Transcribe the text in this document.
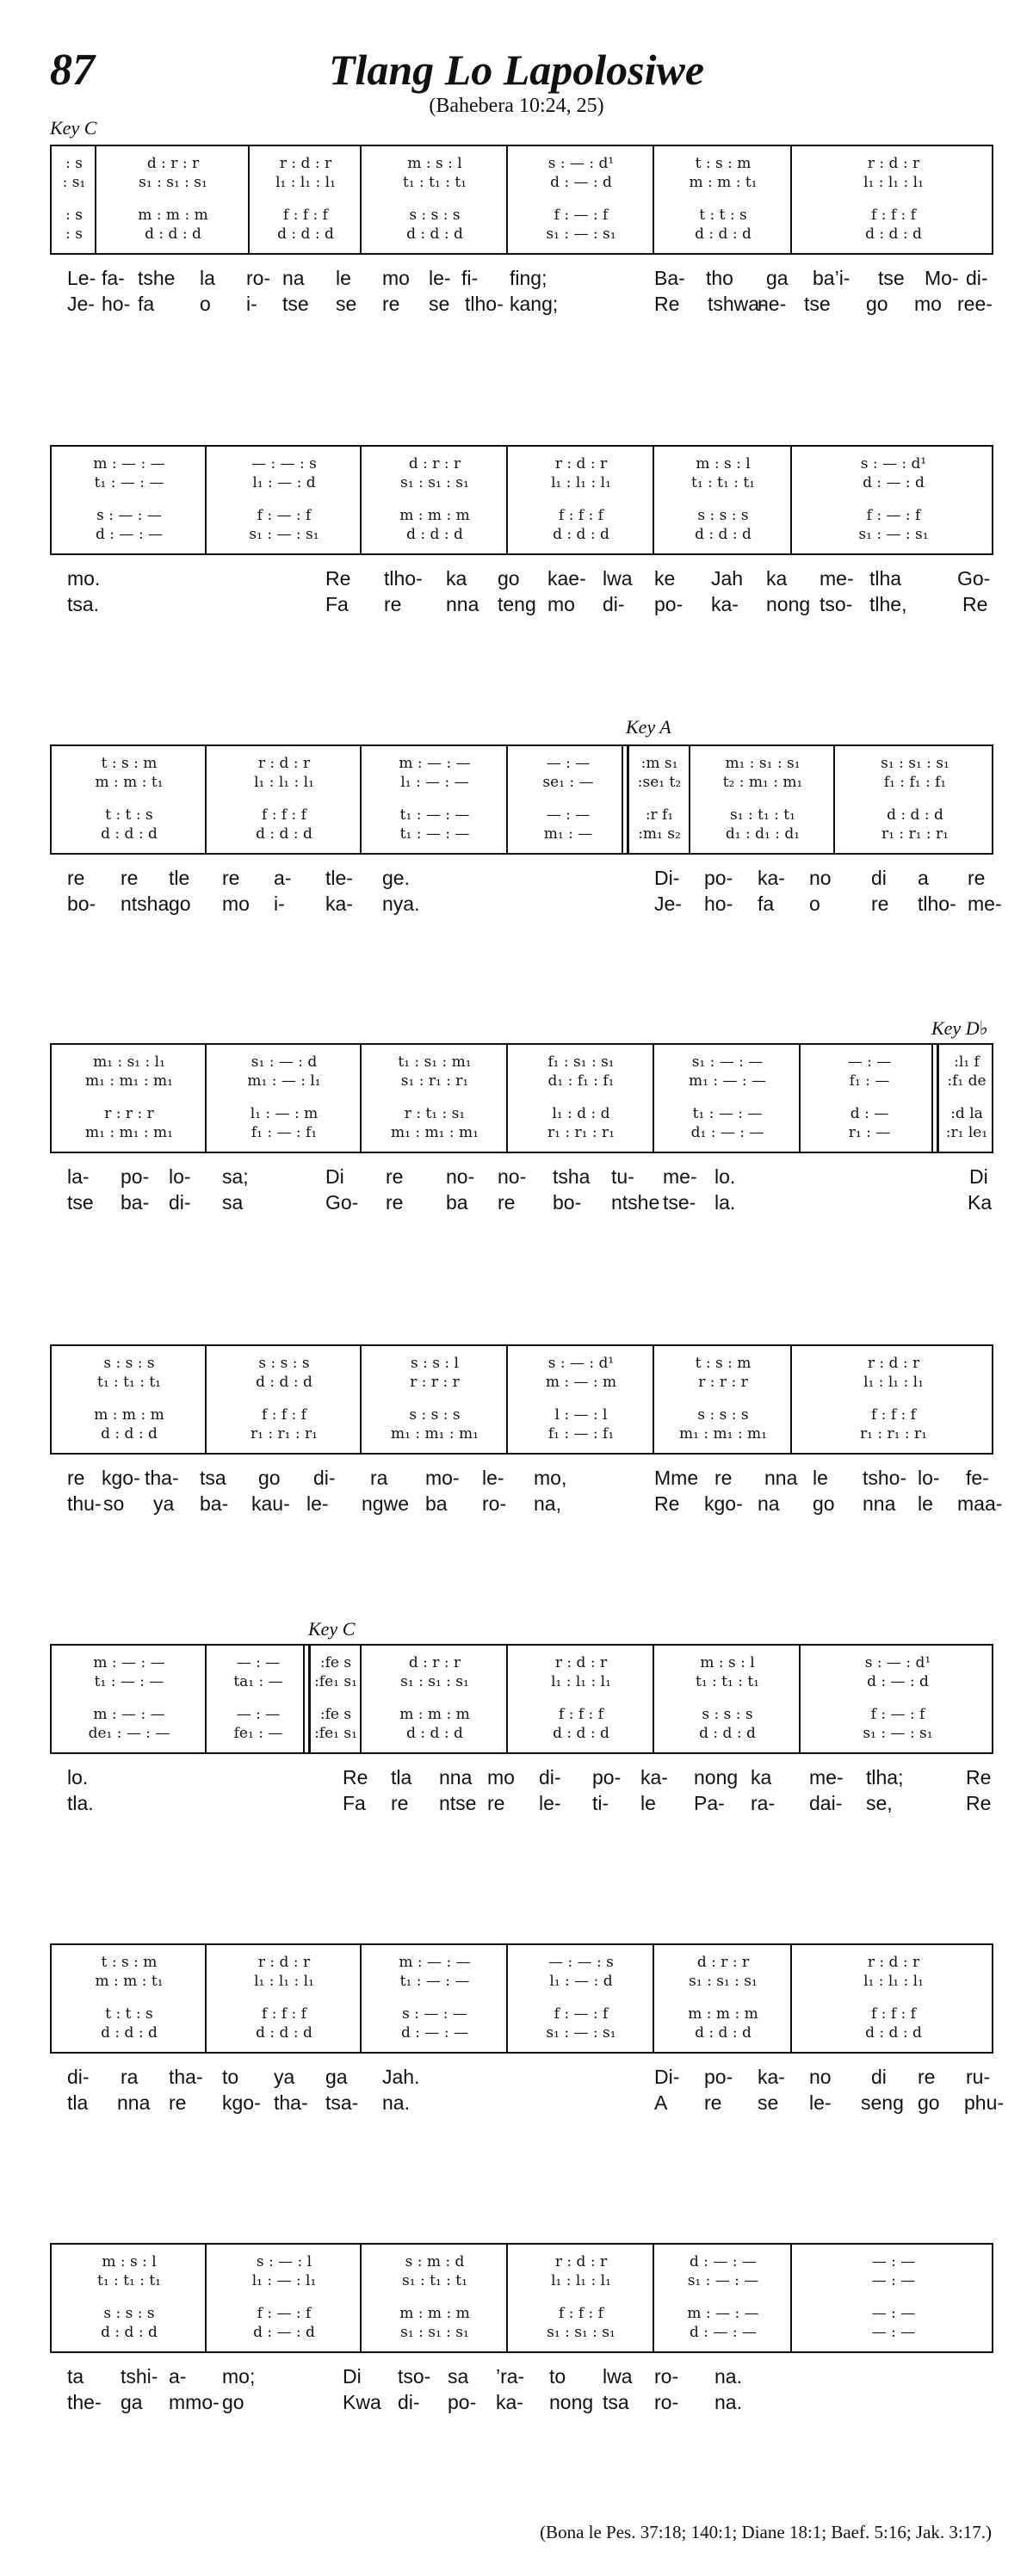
87	Tlang Lo Lapolosiwe
(Bahebera 10:24, 25)
Key C
Key A
Key D♭
Key C
: s	d : r : r	r : d : r	m : s : l	s : — : d¹	t : s : m	r : d : r
: s₁	s₁ : s₁ : s₁	l₁ : l₁ : l₁	t₁ : t₁ : t₁	d : — : d	m : m : t₁	l₁ : l₁ : l₁
: s	m : m : m	f : f : f	s : s : s	f : — : f	t : t : s	f : f : f
: s	d : d : d	d : d : d	d : d : d	s₁ : — : s₁	d : d : d	d : d : d
Le- fa- tshe la ro- na le mo le- fi- fing;	Ba- tho ga ba’i- tse Mo- di-
Je- ho- fa o i- tse se re se tlho- kang;	Re tshwa-
ne- tse go mo ree-
m : — : —	— : — : s	d : r : r	r : d : r	m : s : l	s : — : d¹
t₁ : — : —	l₁ : — : d	s₁ : s₁ : s₁	l₁ : l₁ : l₁	t₁ : t₁ : t₁	d : — : d
s : — : —	f : — : f	m : m : m	f : f : f	s : s : s	f : — : f
d : — : —	s₁ : — : s₁	d : d : d	d : d : d	d : d : d	s₁ : — : s₁
mo.	Re tlho- ka go kae- lwa ke Jah ka me- tlha	Go-
tsa.	Fa re nna teng mo di- po- ka- nong tso- tlhe,	Re
t : s : m	r : d : r	m : — : —	— : —	:m s₁	m₁ : s₁ : s₁	s₁ : s₁ : s₁
m : m : t₁	l₁ : l₁ : l₁	l₁ : — : —	se₁ : —	:se₁ t₂	t₂ : m₁ : m₁	f₁ : f₁ : f₁
t : t : s	f : f : f	t₁ : — : —	— : —	:r f₁	s₁ : t₁ : t₁	d : d : d
d : d : d	d : d : d	t₁ : — : —	m₁ : —	:m₁ s₂	d₁ : d₁ : d₁	r₁ : r₁ : r₁
re re tle re a- tle- ge.	Di- po- ka- no di a re
bo- ntsha go mo i- ka- nya.	Je- ho- fa o	re tlho- me-
m₁ : s₁ : l₁	s₁ : — : d	t₁ : s₁ : m₁	f₁ : s₁ : s₁	s₁ : — : —	— : —	:l₁ f
m₁ : m₁ : m₁	m₁ : — : l₁	s₁ : r₁ : r₁	d₁ : f₁ : f₁	m₁ : — : —	f₁ : —	:f₁ de
r : r : r	l₁ : — : m	r : t₁ : s₁	l₁ : d : d	t₁ : — : —	d : —	:d la
m₁ : m₁ : m₁	f₁ : — : f₁	m₁ : m₁ : m₁	r₁ : r₁ : r₁	d₁ : — : —	r₁ : —	:r₁ le₁
la- po- lo- sa;	Di re no- no- tsha tu- me- lo.	Di
tse ba- di- sa	Go- re ba re bo- ntshe tse- la.	Ka
s : s : s	s : s : s	s : s : l	s : — : d¹	t : s : m	r : d : r
t₁ : t₁ : t₁	d : d : d	r : r : r	m : — : m	r : r : r	l₁ : l₁ : l₁
m : m : m	f : f : f	s : s : s	l : — : l	s : s : s	f : f : f
d : d : d	r₁ : r₁ : r₁	m₁ : m₁ : m₁	f₁ : — : f₁	m₁ : m₁ : m₁	r₁ : r₁ : r₁
re kgo- tha- tsa go di- ra mo- le- mo,	Mme re nna le tsho- lo- fe-
thu- so ya ba- kau- le- ngwe ba ro- na,	Re kgo- na go nna le maa-
m : — : —	— : —	:fe s	d : r : r	r : d : r	m : s : l	s : — : d¹
t₁ : — : —	ta₁ : —	:fe₁ s₁	s₁ : s₁ : s₁	l₁ : l₁ : l₁	t₁ : t₁ : t₁	d : — : d
m : — : —	— : —	:fe s	m : m : m	f : f : f	s : s : s	f : — : f
de₁ : — : —	fe₁ : —	:fe₁ s₁	d : d : d	d : d : d	d : d : d	s₁ : — : s₁
lo.	Re tla nna mo di- po- ka- nong ka me- tlha;	Re
tla.	Fa re ntse re le- ti- le Pa- ra- dai- se,	Re
t : s : m	r : d : r	m : — : —	— : — : s	d : r : r	r : d : r
m : m : t₁	l₁ : l₁ : l₁	t₁ : — : —	l₁ : — : d	s₁ : s₁ : s₁	l₁ : l₁ : l₁
t : t : s	f : f : f	s : — : —	f : — : f	m : m : m	f : f : f
d : d : d	d : d : d	d : — : —	s₁ : — : s₁	d : d : d	d : d : d
di- ra tha- to ya ga Jah.	Di- po- ka- no di re ru-
tla nna re kgo- tha- tsa- na.	A re se le- seng go phu-
m : s : l	s : — : l	s : m : d	r : d : r	d : — : —	— : —
t₁ : t₁ : t₁	l₁ : — : l₁	s₁ : t₁ : t₁	l₁ : l₁ : l₁	s₁ : — : —	— : —
s : s : s	f : — : f	m : m : m	f : f : f	m : — : —	— : —
d : d : d	d : — : d	s₁ : s₁ : s₁	s₁ : s₁ : s₁	d : — : —	— : —
ta tshi- a- mo;	Di tso- sa ’ra- to lwa ro- na.
the- ga mmo- go	Kwa di- po- ka- nong tsa ro- na.
(Bona le Pes. 37:18; 140:1; Diane 18:1; Baef. 5:16; Jak. 3:17.)
